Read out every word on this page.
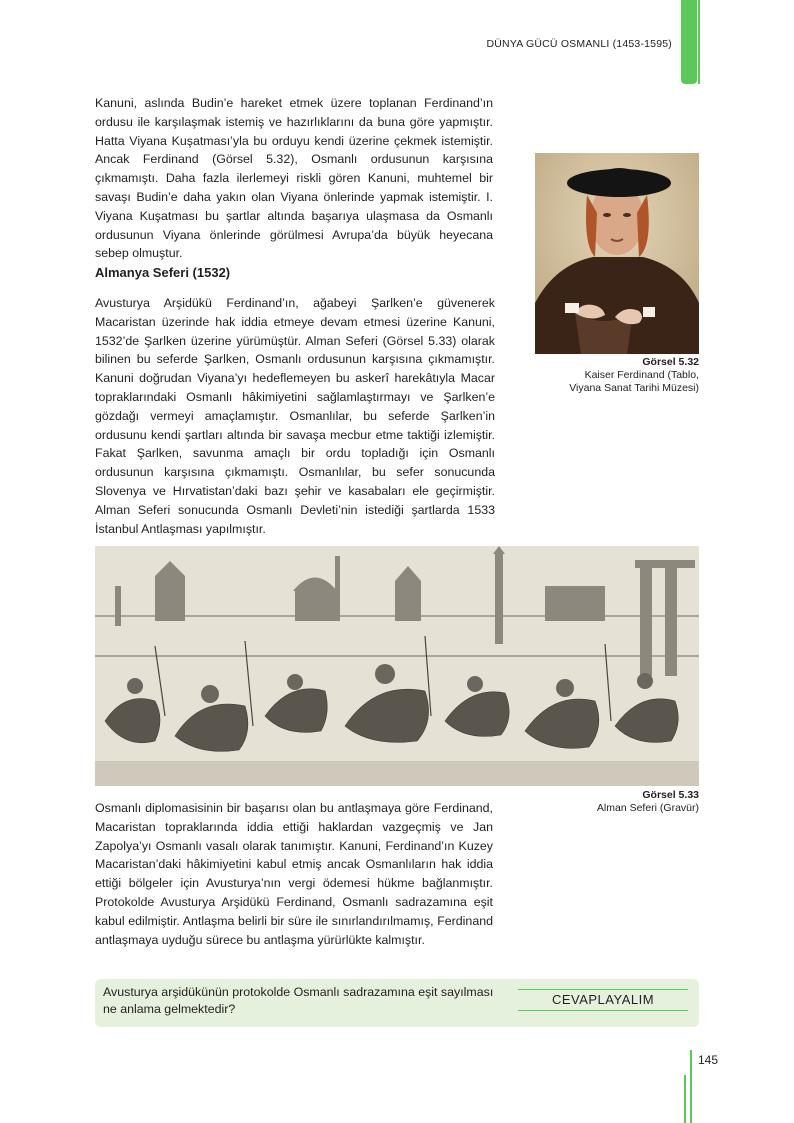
DÜNYA GÜCÜ OSMANLI (1453-1595)

Kanuni, aslında Budin’e hareket etmek üzere toplanan Ferdinand’ın ordusu ile karşılaşmak istemiş ve hazırlıklarını da buna göre yapmıştır. Hatta Viyana Kuşatması’yla bu orduyu kendi üzerine çekmek istemiştir. Ancak Ferdinand (Görsel 5.32), Osmanlı ordusunun karşısına çıkmamıştı. Daha fazla ilerlemeyi riskli gören Kanuni, muhtemel bir savaşı Budin’e daha yakın olan Viyana önlerinde yapmak istemiştir. I. Viyana Kuşatması bu şartlar altında başarıya ulaşmasa da Osmanlı ordusunun Viyana önlerinde görülmesi Avrupa’da büyük heyecana sebep olmuştur.

Almanya Seferi (1532)

Avusturya Arşidükü Ferdinand’ın, ağabeyi Şarlken’e güvenerek Macaristan üzerinde hak iddia etmeye devam etmesi üzerine Kanuni, 1532’de Şarlken üzerine yürümüştür. Alman Seferi (Görsel 5.33) olarak bilinen bu seferde Şarlken, Osmanlı ordusunun karşısına çıkmamıştır. Kanuni doğrudan Viyana’yı hedeflemeyen bu askerî harekâtıyla Macar topraklarındaki Osmanlı hâkimiyetini sağlamlaştırmayı ve Şarlken’e gözdağı vermeyi amaçlamıştır. Osmanlılar, bu seferde Şarlken’in ordusunu kendi şartları altında bir savaşa mecbur etme taktiği izlemiştir. Fakat Şarlken, savunma amaçlı bir ordu topladığı için Osmanlı ordusunun karşısına çıkmamıştı. Osmanlılar, bu sefer sonucunda Slovenya ve Hırvatistan’daki bazı şehir ve kasabaları ele geçirmiştir. Alman Seferi sonucunda Osmanlı Devleti’nin istediği şartlarda 1533 İstanbul Antlaşması yapılmıştır.

Görsel 5.32
Kaiser Ferdinand (Tablo,
Viyana Sanat Tarihi Müzesi)
Görsel 5.33
Alman Seferi (Gravür)

Osmanlı diplomasisinin bir başarısı olan bu antlaşmaya göre Ferdinand, Macaristan topraklarında iddia ettiği haklardan vazgeçmiş ve Jan Zapolya’yı Osmanlı vasalı olarak tanımıştır. Kanuni, Ferdinand’ın Kuzey Macaristan’daki hâkimiyetini kabul etmiş ancak Osmanlıların hak iddia ettiği bölgeler için Avusturya’nın vergi ödemesi hükme bağlanmıştır. Protokolde Avusturya Arşidükü Ferdinand, Osmanlı sadrazamına eşit kabul edilmiştir. Antlaşma belirli bir süre ile sınırlandırılmamış, Ferdinand antlaşmaya uyduğu sürece bu antlaşma yürürlükte kalmıştır.

Avusturya arşidükünün protokolde Osmanlı sadrazamına eşit sayılması ne anlama gelmektedir?

CEVAPLAYALIM
145
